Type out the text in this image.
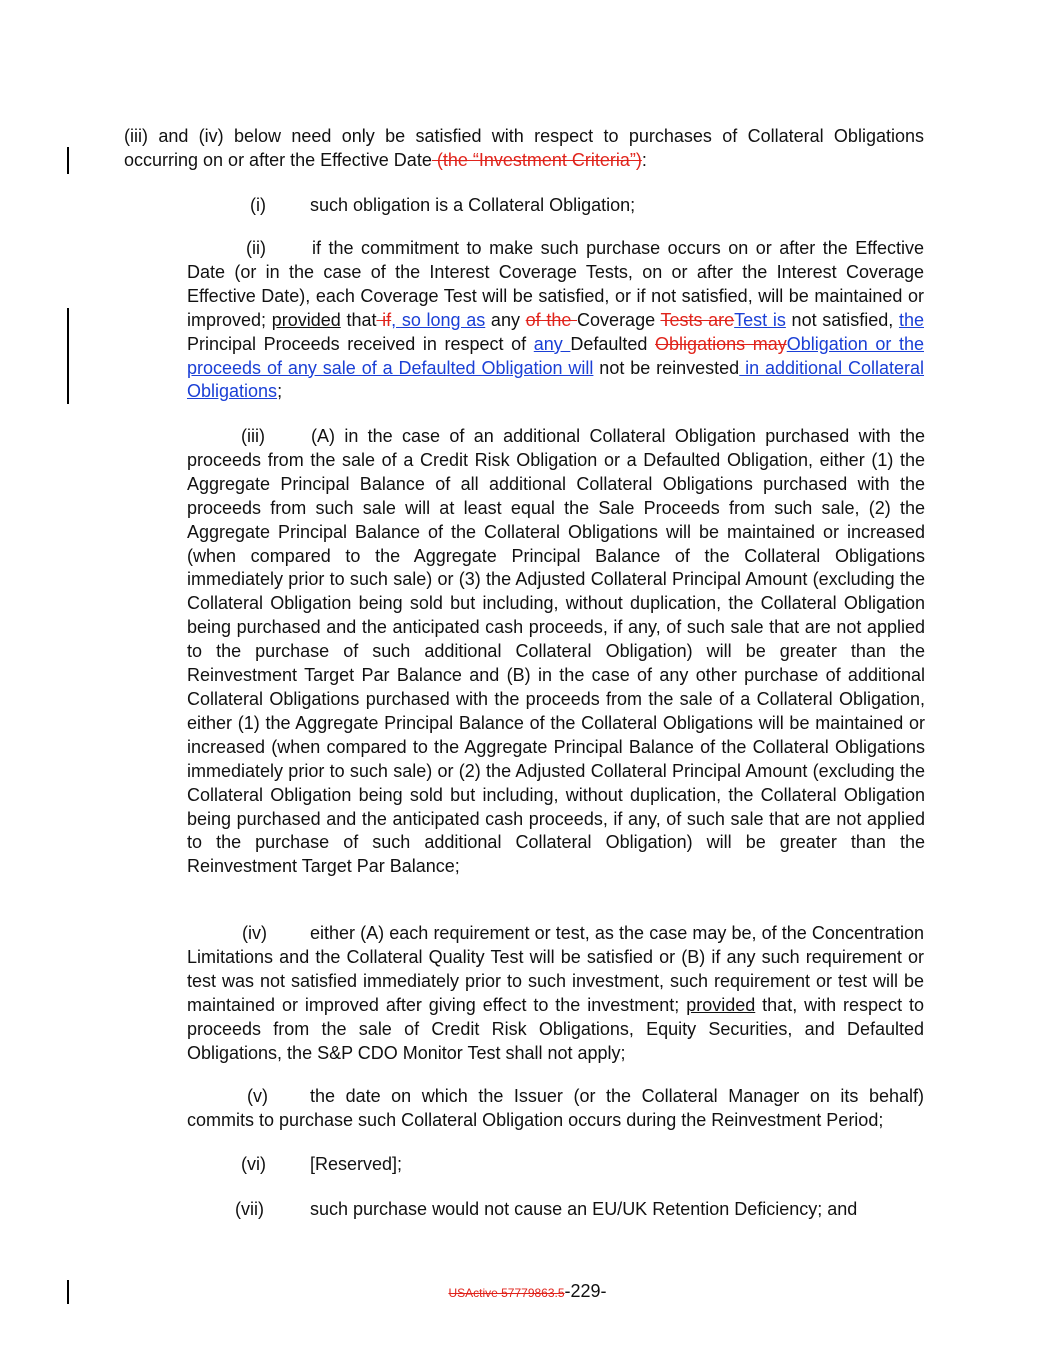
(iii) and (iv) below need only be satisfied with respect to purchases of Collateral Obligations occurring on or after the Effective Date (the “Investment Criteria”):
(i) such obligation is a Collateral Obligation;
(ii)	if the commitment to make such purchase occurs on or after the Effective Date (or in the case of the Interest Coverage Tests, on or after the Interest Coverage Effective Date), each Coverage Test will be satisfied, or if not satisfied, will be maintained or improved; provided that if, so long as any of the Coverage Tests areTest is not satisfied, the Principal Proceeds received in respect of any Defaulted Obligations mayObligation or the proceeds of any sale of a Defaulted Obligation will not be reinvested in additional Collateral Obligations;
(iii)	(A) in the case of an additional Collateral Obligation purchased with the proceeds from the sale of a Credit Risk Obligation or a Defaulted Obligation, either (1) the Aggregate Principal Balance of all additional Collateral Obligations purchased with the proceeds from such sale will at least equal the Sale Proceeds from such sale, (2) the Aggregate Principal Balance of the Collateral Obligations will be maintained or increased (when compared to the Aggregate Principal Balance of the Collateral Obligations immediately prior to such sale) or (3) the Adjusted Collateral Principal Amount (excluding the Collateral Obligation being sold but including, without duplication, the Collateral Obligation being purchased and the anticipated cash proceeds, if any, of such sale that are not applied to the purchase of such additional Collateral Obligation) will be greater than the Reinvestment Target Par Balance and (B) in the case of any other purchase of additional Collateral Obligations purchased with the proceeds from the sale of a Collateral Obligation, either (1) the Aggregate Principal Balance of the Collateral Obligations will be maintained or increased (when compared to the Aggregate Principal Balance of the Collateral Obligations immediately prior to such sale) or (2) the Adjusted Collateral Principal Amount (excluding the Collateral Obligation being sold but including, without duplication, the Collateral Obligation being purchased and the anticipated cash proceeds, if any, of such sale that are not applied to the purchase of such additional Collateral Obligation) will be greater than the Reinvestment Target Par Balance;
(iv) either (A) each requirement or test, as the case may be, of the Concentration Limitations and the Collateral Quality Test will be satisfied or (B) if any such requirement or test was not satisfied immediately prior to such investment, such requirement or test will be maintained or improved after giving effect to the investment; provided that, with respect to proceeds from the sale of Credit Risk Obligations, Equity Securities, and Defaulted Obligations, the S&P CDO Monitor Test shall not apply;
(v) the date on which the Issuer (or the Collateral Manager on its behalf) commits to purchase such Collateral Obligation occurs during the Reinvestment Period;
(vi) [Reserved];
(vii)	such purchase would not cause an EU/UK Retention Deficiency; and
USActive 57779863.5-229-
